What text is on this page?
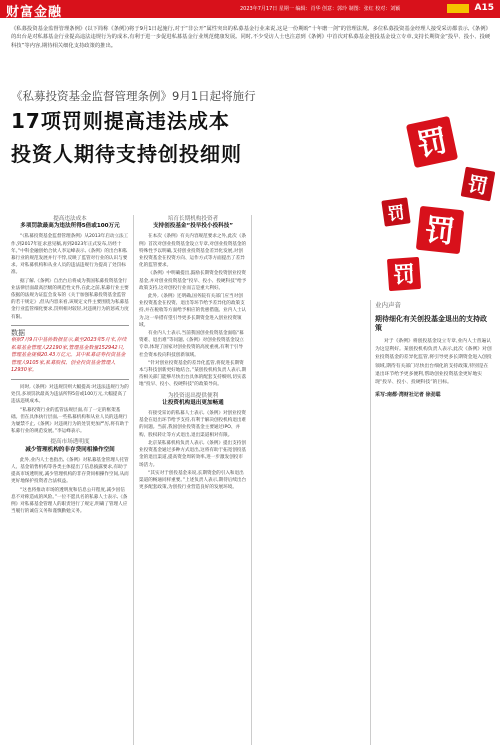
财富金融	2023年7月17日 星期一 编辑：肖华 创意：郭玲 制图：张红 校对：刘颖	A15
《私募投资基金监督管理条例》(以下简称《条例》)将于9月1日起施行,对于“非公开”属性突出的私募基金行业来说,这是一份期盼“十年磨一剑”的管理法规。多位私募投资基金经理人接受采访都表示,《条例》的出台是对私募基金行业提高违法违规行为的成本,有利于进一步促进私募基金行业规范健康发展。同时,不少受访人士也注意到《条例》中首次对私募基金创投基金设立专章,支持长期资金“投早、投小、投硬科技”等内容,期待相关细化支持政策的推出。
《私募投资基金监督管理条例》9月1日起将施行
17项罚则提高违法成本
投资人期待支持创投细则	罚
罚
罚
罚
罚
提高违法成本
多项罚款最高为违法所得5倍或100万元

“《私募投资基金监督管理条例》从2013年启动立法工作,到2017年征求意见稿,再到2023年正式发布,历经十年。”中科金融创始合伙人李运峰表示,《条例》的出台和私募行业的规范发展并行不悖,反映了监管对行业的认识与要求。对私募机构和从业人员的违法违规行为提高了处罚标准。

据了解,《条例》自出台后将成为我国私募投资基金行业法律层面最高层级的规范性文件,在此之前,私募行业主要依据的法规为证监会发布的《关于加强私募投资基金监管的若干规定》,但从内容来看,该规定文件主要围绕为私募基金行业监管细化要求,罚则相对较轻,对违规行为的惩戒力度有限。

数据
根据7月9日中基协数据显示,截至2023年5月末,存续私募基金管理人22190家,管理基金数量152942只,管理基金规模20.43万亿元。其中私募证券投资基金管理人9105家,私募股权、创业投资基金管理人12930家。

同时,《条例》对违规罚则大幅提高:对违法违规行为的处罚,多项罚款最高为违法所得5倍或100万元,大幅提高了违法违规成本。

“私募投资行业的监管法规层面,有了一定的框架基础。但在具体执行层面,一些私募机构和从业人员的违规行为屡禁不止,《条例》对违规行为的处罚更加严厉,将有助于私募行业的规范发展。”李运峰表示。

提高市场透明度
减少管理机构的非存贷同相操作空间

此外,业内人士也指出,《条例》对私募基金管理人托管人、基金销售机构等各类主体提出了信息披露要求,有助于提高市场透明度,减少管理机构的非存贷同相操作空间,从而更好地保护投资者合法权益。

“这也将推动市场的透明度和信息公开程度,减少因信息不对称造成的风险。”一位不愿具名的私募人士表示,《条例》对私募基金管理人的职责进行了规定,明确了管理人应当履行的诚信义务和谨慎勤勉义务。

培育长期机构投资者
支持创投基金“投早投小投科技”

在本次《条例》有关内容规范要求之外,此次《条例》首次对创业投资基金设立专章,对创业投资基金的特殊性予以明确,支持创业投资基金差异化发展,对创业投资基金在投资方向、运作方式等方面提出了差异化的监管要求。

《条例》中明确提出,鼓励长期资金投资创业投资基金,并对创业投资基金“投早、投小、投硬科技”给予政策支持,这对创投行业而言是重大利好。

此外,《条例》还明确,国务院有关部门应当对创业投资基金在投资、退出等环节给予差异化的政策支持,并在税收等方面给予相应的优惠措施。业内人士认为,这一举措有望引导更多长期资金进入创业投资领域。

有业内人士表示,当前我国创业投资基金面临“募资难、退出难”等问题,《条例》对创业投资基金设立专章,体现了国家对创业投资的高度重视,有利于引导社会资本投向科技创新领域。

“针对创业投资基金的差异化监管,将促进长期资本与科技创新更好地结合。”某创投机构负责人表示,期待相关部门能够尽快出台具体的配套支持细则,切实落地“投早、投小、投硬科技”的政策导向。

为投资退出提供便利
让投资机构退出更加畅通

有接受采访的私募人士表示,《条例》对创业投资基金在退出环节给予支持,有利于解决创投机构退出难的问题。当前,我国创业投资基金主要通过IPO、并购、股权转让等方式退出,退出渠道相对有限。

北京某私募机构负责人表示,《条例》提出支持创业投资基金通过多种方式退出,这将有助于拓宽创投基金的退出渠道,提高资金周转效率,进一步激发创投市场活力。

“其实对于创投基金来说,长期资金的引入和退出渠道的畅通同样重要。”上述负责人表示,期待后续出台更多配套政策,为创投行业营造良好的发展环境。

业内声音
期待细化有关创投基金退出的支持政策
对于《条例》将创投基金设立专章,业内人士普遍认为这是利好。某创投机构负责人表示,此次《条例》对创业投资基金的差异化监管,将引导更多长期资金进入创投领域,期待有关部门尽快出台细化的支持政策,特别是在退出环节给予更多便利,帮助创业投资基金更好地实现“投早、投小、投硬科技”的目标。
采写:南都·湾财社记者 徐劲聪
